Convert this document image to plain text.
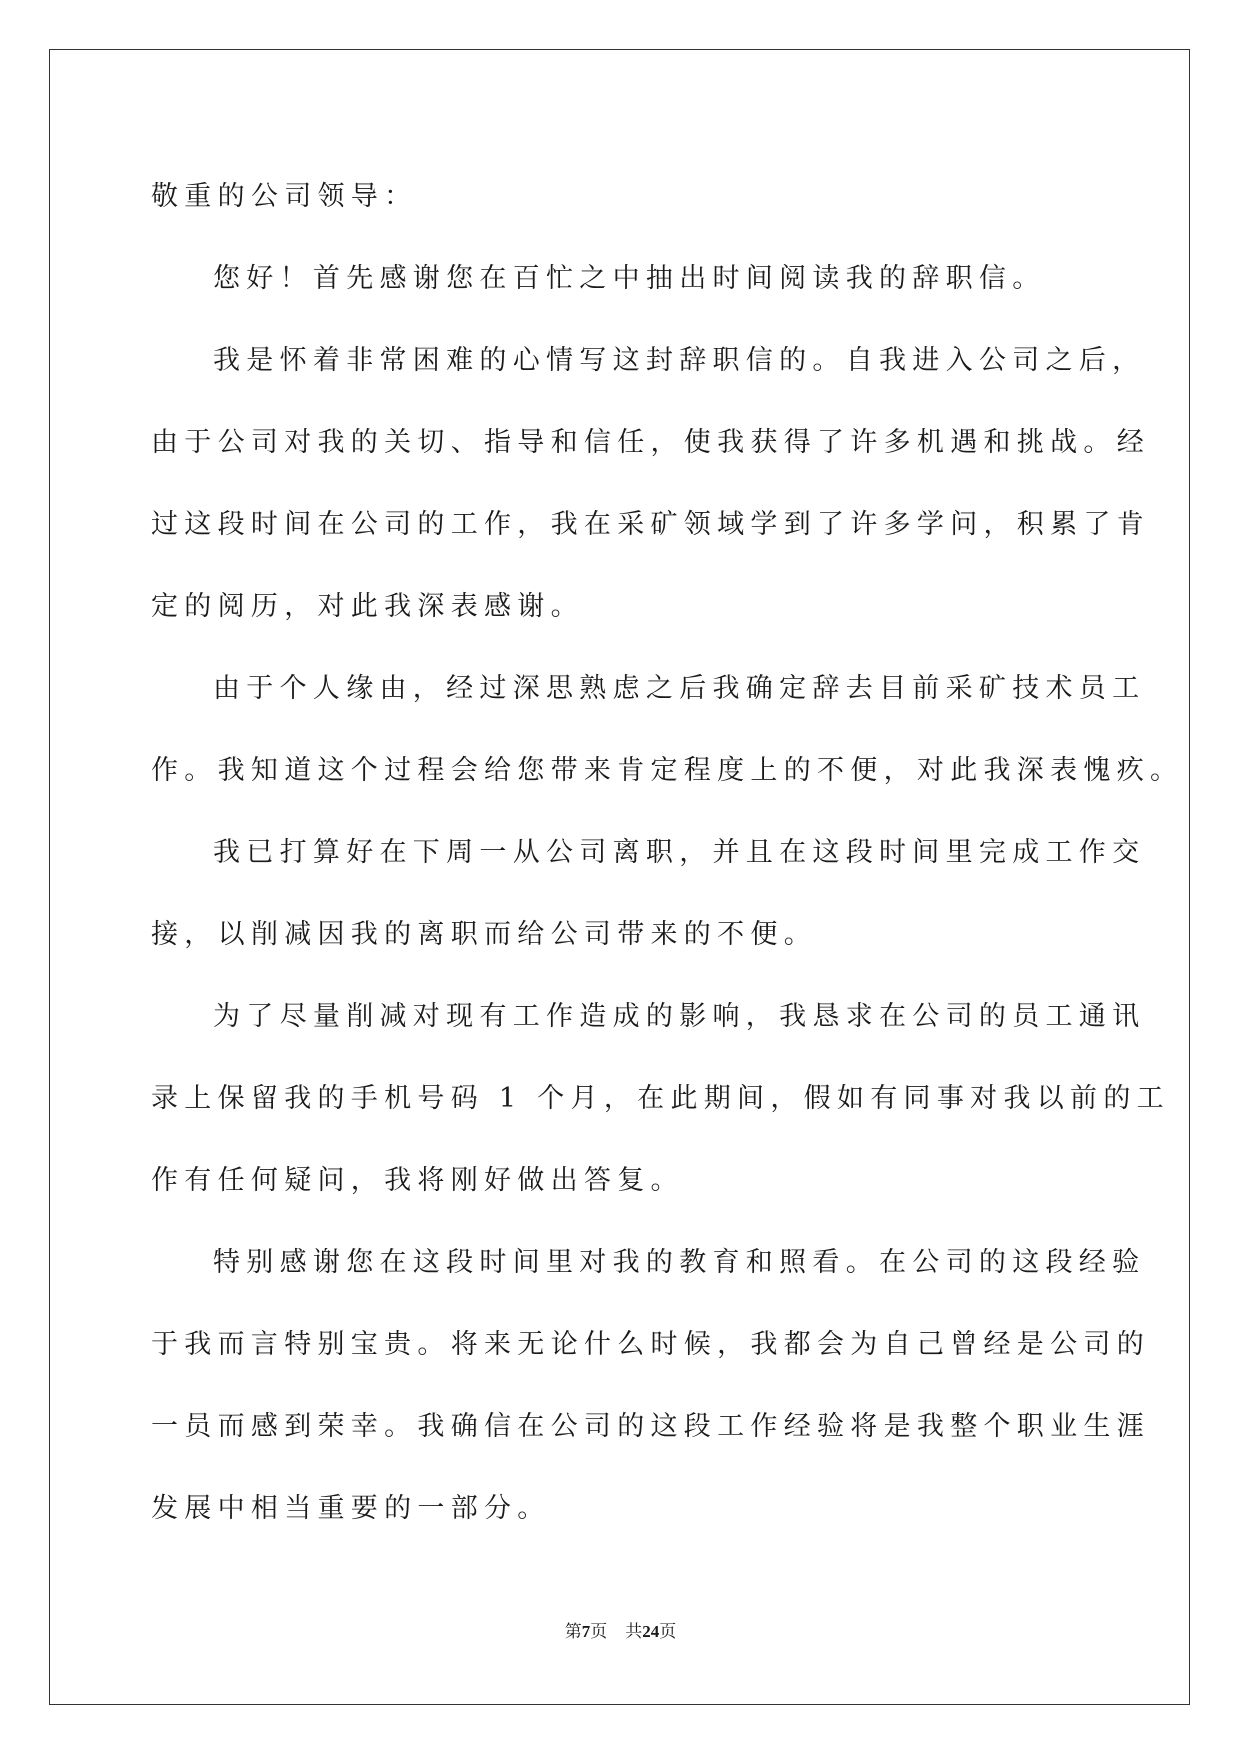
敬重的公司领导：
您好！首先感谢您在百忙之中抽出时间阅读我的辞职信。
我是怀着非常困难的心情写这封辞职信的。自我进入公司之后，
由于公司对我的关切、指导和信任，使我获得了许多机遇和挑战。经
过这段时间在公司的工作，我在采矿领域学到了许多学问，积累了肯
定的阅历，对此我深表感谢。
由于个人缘由，经过深思熟虑之后我确定辞去目前采矿技术员工
作。我知道这个过程会给您带来肯定程度上的不便，对此我深表愧疚。
我已打算好在下周一从公司离职，并且在这段时间里完成工作交
接，以削减因我的离职而给公司带来的不便。
为了尽量削减对现有工作造成的影响，我恳求在公司的员工通讯
录上保留我的手机号码 1 个月，在此期间，假如有同事对我以前的工
作有任何疑问，我将刚好做出答复。
特别感谢您在这段时间里对我的教育和照看。在公司的这段经验
于我而言特别宝贵。将来无论什么时候，我都会为自己曾经是公司的
一员而感到荣幸。我确信在公司的这段工作经验将是我整个职业生涯
发展中相当重要的一部分。
第7页 共24页
